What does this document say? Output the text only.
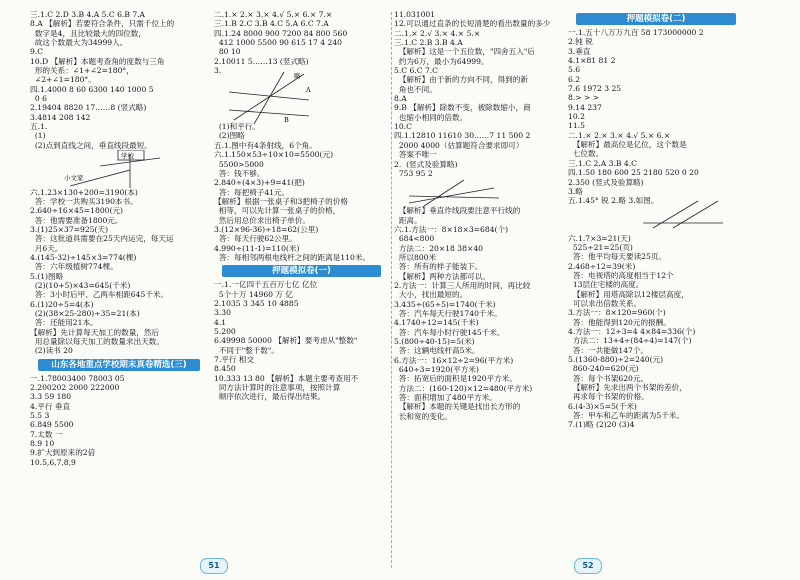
三.1.C 2.D 3.B 4.A 5.C 6.B 7.A
8.A 【解析】若要符合条件，只需千位上的
数字是4，且比较最大的四位数，
故这个数最大为34999人。
9.C
10.D 【解析】本题考查角的度数与三角
形的关系：∠1+∠2=180°，
∠2+∠1=180°。
四.1.4000 8 60 6300 140 1000 5
0 6
2.19404 8820 17……8 (竖式略)
3.4814 208 142
五.1.
(1)
(2)点到直线之间，垂直线段最短。

六.1.23×130+200=3190(本)
答：学校一共购买3190本书。
2.640÷16×45=1800(元)
答：他需要准备1800元。
3.(1)25×37=925(天)
答：这批道具需要在25天内运完，每天运
月6天。
4.(145-32)÷145×3=774(棵)
答：六年级植树774棵。
5.(1)图略
(2)(10+5)×43=645(千米)
答：3小时后甲、乙两车相距645千米。
6.(1)20÷5=4(本)
(2)(38×25-280)÷35=21(本)
答：还能用21本。
【解析】先计算每天加工的数量，然后
用总量除以每天加工的数量求出天数。
(2)读书 20
山东各地重点学校期末真卷精选(三)
一.1.78003400 78003 05
2.200202 2000 222000
3.3 59 180
4.平行 垂直
5.5 3
6.849 5500
7.太数 一
8.9 10
9.扩大到原来的2倍
10.5,6,7,8,9
学校
小文家
二.1.× 2.× 3.× 4.√ 5.× 6.× 7.×
三.1.B 2.C 3.B 4.C 5.A 6.C 7.A
四.1.24 8000 900 7200 84 800 560
412 1000 5500 90 615 17 4 240
80 10
2.10011 5……13 (竖式略)
3.

(1)和平行。
(2)图略
五.1.图中有4条射线，6个角。
六.1.150×53÷10×10=5500(元)
5500>5000
答：钱不够。
2.840÷(4×3)+9=41(把)
答：每把椅子41元。
【解析】根据一张桌子和3把椅子的价格
相等，可以先计算一张桌子的价格，
然后用总价求出椅子单价。
3.(12×96-36)÷18=62(公里)
答：每天行驶62公里。
4.990÷(11-1)=110(米)
答：每相邻两根电线杆之间的距离是110米。
押题模拟卷(一)
一.1.一亿四千五百万七亿 亿位
5个十万 14960 万 亿
2.1035 3 345 10 4885
3.30
4.1
5.200
6.49998 50000 【解析】要考虑从"整数"
不同于"整千数"。
7.平行 相交
8.450
10.333 13 80 【解析】本题主要考查用不
同方法计算时的注意事项，按照计算
顺序依次进行，最后得出结果。
A
B
略
11.031001
12.可以通过直条的长短清楚的看出数量的多少
二.1.× 2.√ 3.× 4.× 5.×
三.1.C 2.B 3.B 4.A
【解析】这是一个五位数，"四舍五入"后
约为6万，最小为64999。
5.C 6.C 7.C
【解析】由于新的方向不同，得到的新
角也不同。
8.A
9.B 【解析】除数不变，被除数缩小，商
也缩小相同的倍数。
10.C
四.1.12810 11610 30……7 11 500 2
2000 4000（估算题符合要求即可）
答案不唯一
2.  (竖式及验算略)
753 95 2

【解析】垂直作线段要注意平行线的
距离。
六.1.方法一：8×18×3=684(个)
684<800
方法二：20×18 38×40
所以800米
答：所有的样子能装下。
【解析】两种方法都可以。
2.方法一：计算三人所用的时间，再比较
大小，找出最短的。
3.435÷(65÷5)=1740(千米)
答：汽车每天行驶1740千米。
4.1740÷12=145(千米)
答：汽车每小时行驶145千米。
5.(800÷40-15)=5(米)
答：这辆电线杆高5米。
6.方法一：16×12÷2=96(平方米)
640÷3=1920(平方米)
答：拓宽后的面积是1920平方米。
方法二：(160-120)×12=480(平方米)
答：面积增加了480平方米。
【解析】本题的关键是找出长方形的
长和宽的变化。
押题模拟卷(二)
一.1.五十八万万九百 58 173000000 2
2.钝 锐
3.垂直
4.1×81 81 2
5.6
6.2
7.6 1972 3 25
8.> > >
9.14 237
10.2
11.5
二.1.× 2.× 3.× 4.√ 5.× 6.×
【解析】最高位是亿位，这个数是
七位数。
三.1.C 2.A 3.B 4.C
四.1.50 180 600 25 2180 520 0 20
2.350 (竖式及验算略)
3.略
五.1.45° 锐 2.略 3.如图。

六.1.7×3=21(天)
525÷21=25(页)
答：他平均每天要读25页。
2.468÷12=39(米)
答：电视塔的高度相当于12个
13层住宅楼的高度。
【解析】用塔高除以12楼层高度，
可以求出倍数关系。
3.方法一：8×120=960(个)
答：他能得到120元的报酬。
4.方法一：12÷3=4 4×84=336(个)
方法二：13+4÷(84÷4)=147(个)
答：一共能做147个。
5.(1360-880)÷2=240(元)
860-240=620(元)
答：每个书架620元。
【解析】先求出两个书架的差价，
再求每个书架的价格。
6.(4-3)×5=5(千米)
答：甲车和乙车的距离为5千米。
7.(1)略 (2)20 (3)4
51	52
